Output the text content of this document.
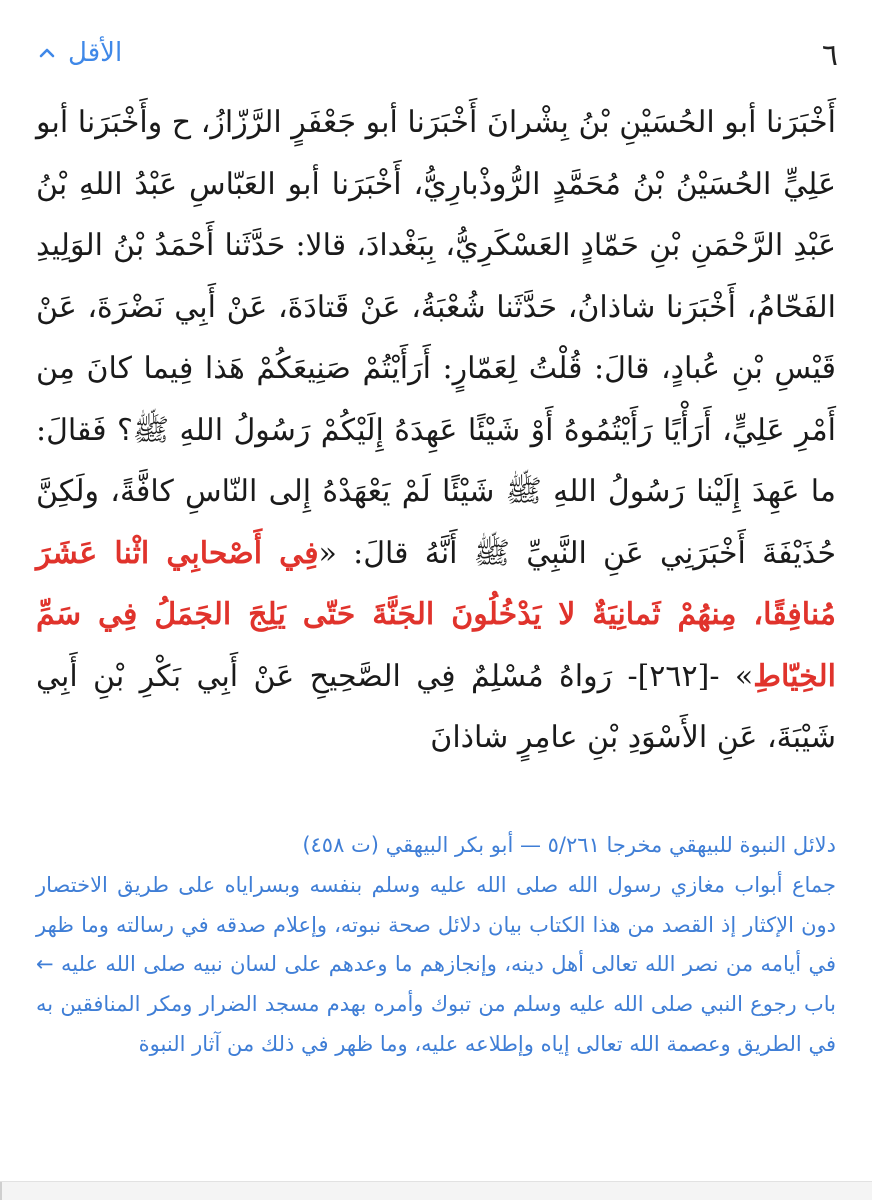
٦
الأقل
أَخْبَرَنا أبو الحُسَيْنِ بْنُ بِشْرانَ أَخْبَرَنا أبو جَعْفَرٍ الرَّزّازُ، ح وأَخْبَرَنا أبو عَلِيٍّ الحُسَيْنُ بْنُ مُحَمَّدٍ الرُّوذْبارِيُّ، أَخْبَرَنا أبو العَبّاسِ عَبْدُ اللهِ بْنُ عَبْدِ الرَّحْمَنِ بْنِ حَمّادٍ العَسْكَرِيُّ، بِبَغْدادَ، قالا: حَدَّثَنا أَحْمَدُ بْنُ الوَلِيدِ الفَحّامُ، أَخْبَرَنا شاذانُ، حَدَّثَنا شُعْبَةُ، عَنْ قَتادَةَ، عَنْ أَبِي نَضْرَةَ، عَنْ قَيْسِ بْنِ عُبادٍ، قالَ: قُلْتُ لِعَمّارٍ: أَرَأَيْتُمْ صَنِيعَكُمْ هَذا فِيما كانَ مِن أَمْرِ عَلِيٍّ، أَرَأْيًا رَأَيْتُمُوهُ أَوْ شَيْئًا عَهِدَهُ إِلَيْكُمْ رَسُولُ اللهِ ﷺ؟ فَقالَ: ما عَهِدَ إِلَيْنا رَسُولُ اللهِ ﷺ شَيْئًا لَمْ يَعْهَدْهُ إِلى النّاسِ كافَّةً، ولَكِنَّ حُذَيْفَةَ أَخْبَرَنِي عَنِ النَّبِيِّ ﷺ أَنَّهُ قالَ: «فِي أَصْحابِي اثْنا عَشَرَ مُنافِقًا، مِنهُمْ ثَمانِيَةٌ لا يَدْخُلُونَ الجَنَّةَ حَتّى يَلِجَ الجَمَلُ فِي سَمِّ الخِيّاطِ» -[٢٦٢]- رَواهُ مُسْلِمٌ فِي الصَّحِيحِ عَنْ أَبِي بَكْرِ بْنِ أَبِي شَيْبَةَ، عَنِ الأَسْوَدِ بْنِ عامِرٍ شاذانَ
دلائل النبوة للبيهقي مخرجا ٥/٢٦١ — أبو بكر البيهقي (ت ٤٥٨)
جماع أبواب مغازي رسول الله صلى الله عليه وسلم بنفسه وبسراياه على طريق الاختصار دون الإكثار إذ القصد من هذا الكتاب بيان دلائل صحة نبوته، وإعلام صدقه في رسالته وما ظهر في أيامه من نصر الله تعالى أهل دينه، وإنجازهم ما وعدهم على لسان نبيه صلى الله عليه ← باب رجوع النبي صلى الله عليه وسلم من تبوك وأمره بهدم مسجد الضرار ومكر المنافقين به في الطريق وعصمة الله تعالى إياه وإطلاعه عليه، وما ظهر في ذلك من آثار النبوة
